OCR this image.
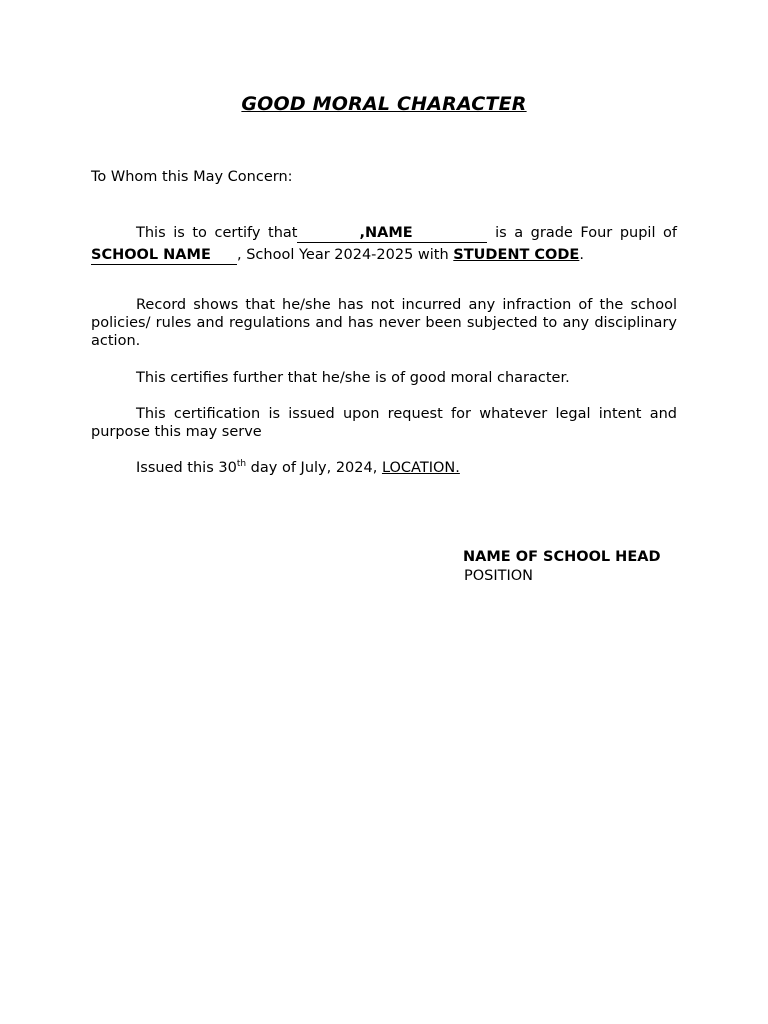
GOOD MORAL CHARACTER

To Whom this May Concern:

This is to certify that	,NAME	is a grade Four pupil of SCHOOL NAME , School Year 2024-2025 with STUDENT CODE.

Record shows that he/she has not incurred any infraction of the school policies/ rules and regulations and has never been subjected to any disciplinary action.

This certifies further that he/she is of good moral character.

This certification is issued upon request for whatever legal intent and purpose this may serve

Issued this 30th day of July, 2024, LOCATION.

NAME OF SCHOOL HEAD

POSITION
